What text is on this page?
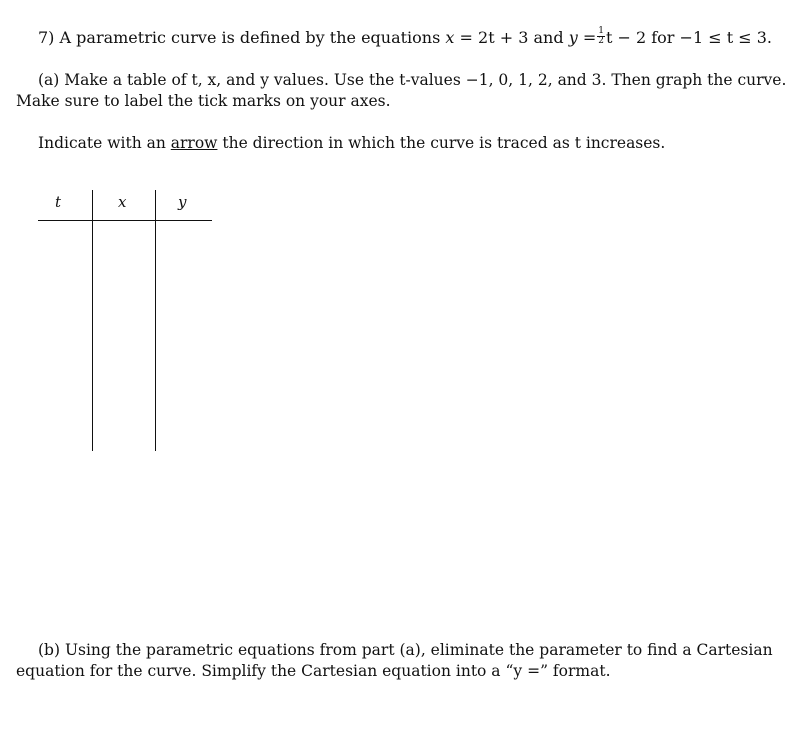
7) A parametric curve is defined by the equations x = 2t + 3 and $y = \frac{1}{2}$ t − 2 for −1 ≤ t ≤ 3.
(a) Make a table of t, x, and y values. Use the t-values −1, 0, 1, 2, and 3. Then graph the curve.
Make sure to label the tick marks on your axes.
Indicate with an arrow the direction in which the curve is traced as t increases.
t	x	y
(b) Using the parametric equations from part (a), eliminate the parameter to find a Cartesian
equation for the curve. Simplify the Cartesian equation into a “y =” format.
